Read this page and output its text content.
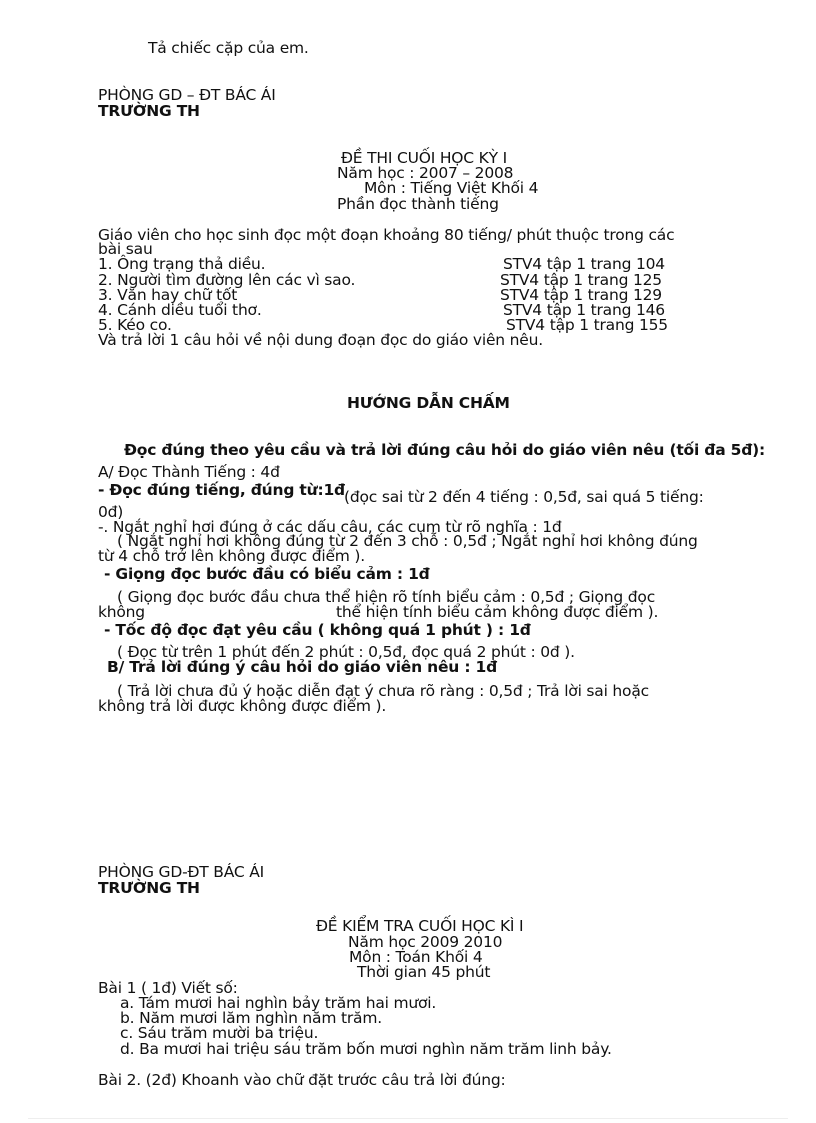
Tả chiếc cặp của em.
PHÒNG GD – ĐT BÁC ÁI
TRƯỜNG TH
ĐỀ THI CUỐI HỌC KỲ I
Năm học : 2007 – 2008
Môn : Tiếng Việt Khối 4
Phần đọc thành tiếng
Giáo viên cho học sinh đọc một đoạn khoảng 80 tiếng/ phút thuộc trong các
bài sau
1. Ông trạng thả diều.	STV4 tập 1 trang 104
2. Người tìm đường lên các vì sao.	STV4 tập 1 trang 125
3. Văn hay chữ tốt	STV4 tập 1 trang 129
4. Cánh diều tuổi thơ.	STV4 tập 1 trang 146
5. Kéo co.	STV4 tập 1 trang 155
Và trả lời 1 câu hỏi về nội dung đoạn đọc do giáo viên nêu.
HƯỚNG DẪN CHẤM
Đọc đúng theo yêu cầu và trả lời đúng câu hỏi do giáo viên nêu (tối đa 5đ):
A/ Đọc Thành Tiếng : 4đ
- Đọc đúng tiếng, đúng từ:1đ (đọc sai từ 2 đến 4 tiếng : 0,5đ, sai quá 5 tiếng:
0đ)
-. Ngắt nghỉ hơi đúng ở các dấu câu, các cụm từ rõ nghĩa : 1đ
( Ngắt nghỉ hơi không đúng từ 2 đến 3 chỗ : 0,5đ ; Ngắt nghỉ hơi không đúng
từ 4 chỗ trở lên không được điểm ).
- Giọng đọc bước đầu có biểu cảm : 1đ
( Giọng đọc bước đầu chưa thể hiện rõ tính biểu cảm : 0,5đ ; Giọng đọc
không	thể hiện tính biểu cảm không được điểm ).
- Tốc độ đọc đạt yêu cầu ( không quá 1 phút ) : 1đ
( Đọc từ trên 1 phút đến 2 phút : 0,5đ, đọc quá 2 phút : 0đ ).
B/ Trả lời đúng ý câu hỏi do giáo viên nêu : 1đ
( Trả lời chưa đủ ý hoặc diễn đạt ý chưa rõ ràng : 0,5đ ; Trả lời sai hoặc
không trả lời được không được điểm ).
PHÒNG GD-ĐT BÁC ÁI
TRƯỜNG TH
ĐỀ KIỂM TRA CUỐI HỌC KÌ I
Năm học 2009 2010
Môn : Toán Khối 4
Thời gian 45 phút
Bài 1 ( 1đ) Viết số:
a. Tám mươi hai nghìn bảy trăm hai mươi.
b. Năm mươi lăm nghìn năm trăm.
c. Sáu trăm mười ba triệu.
d. Ba mươi hai triệu sáu trăm bốn mươi nghìn năm trăm linh bảy.
Bài 2. (2đ) Khoanh vào chữ đặt trước câu trả lời đúng:
